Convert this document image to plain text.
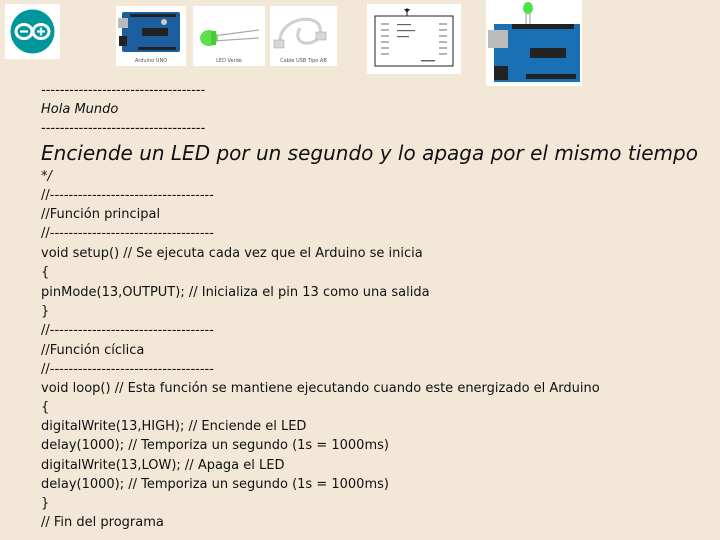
Arduino UNO	LED Verde	Cable USB Tipo AB
-----------------------------------
Hola Mundo
-----------------------------------
Enciende un LED por un segundo y lo apaga por el mismo tiempo
*/
//-----------------------------------
//Función principal
//-----------------------------------
void setup() // Se ejecuta cada vez que el Arduino se inicia
{
pinMode(13,OUTPUT); // Inicializa el pin 13 como una salida
}
//-----------------------------------
//Función cíclica
//-----------------------------------
void loop() // Esta función se mantiene ejecutando cuando este energizado el Arduino
{
digitalWrite(13,HIGH); // Enciende el LED
delay(1000); // Temporiza un segundo (1s = 1000ms)
digitalWrite(13,LOW); // Apaga el LED
delay(1000); // Temporiza un segundo (1s = 1000ms)
}
// Fin del programa
